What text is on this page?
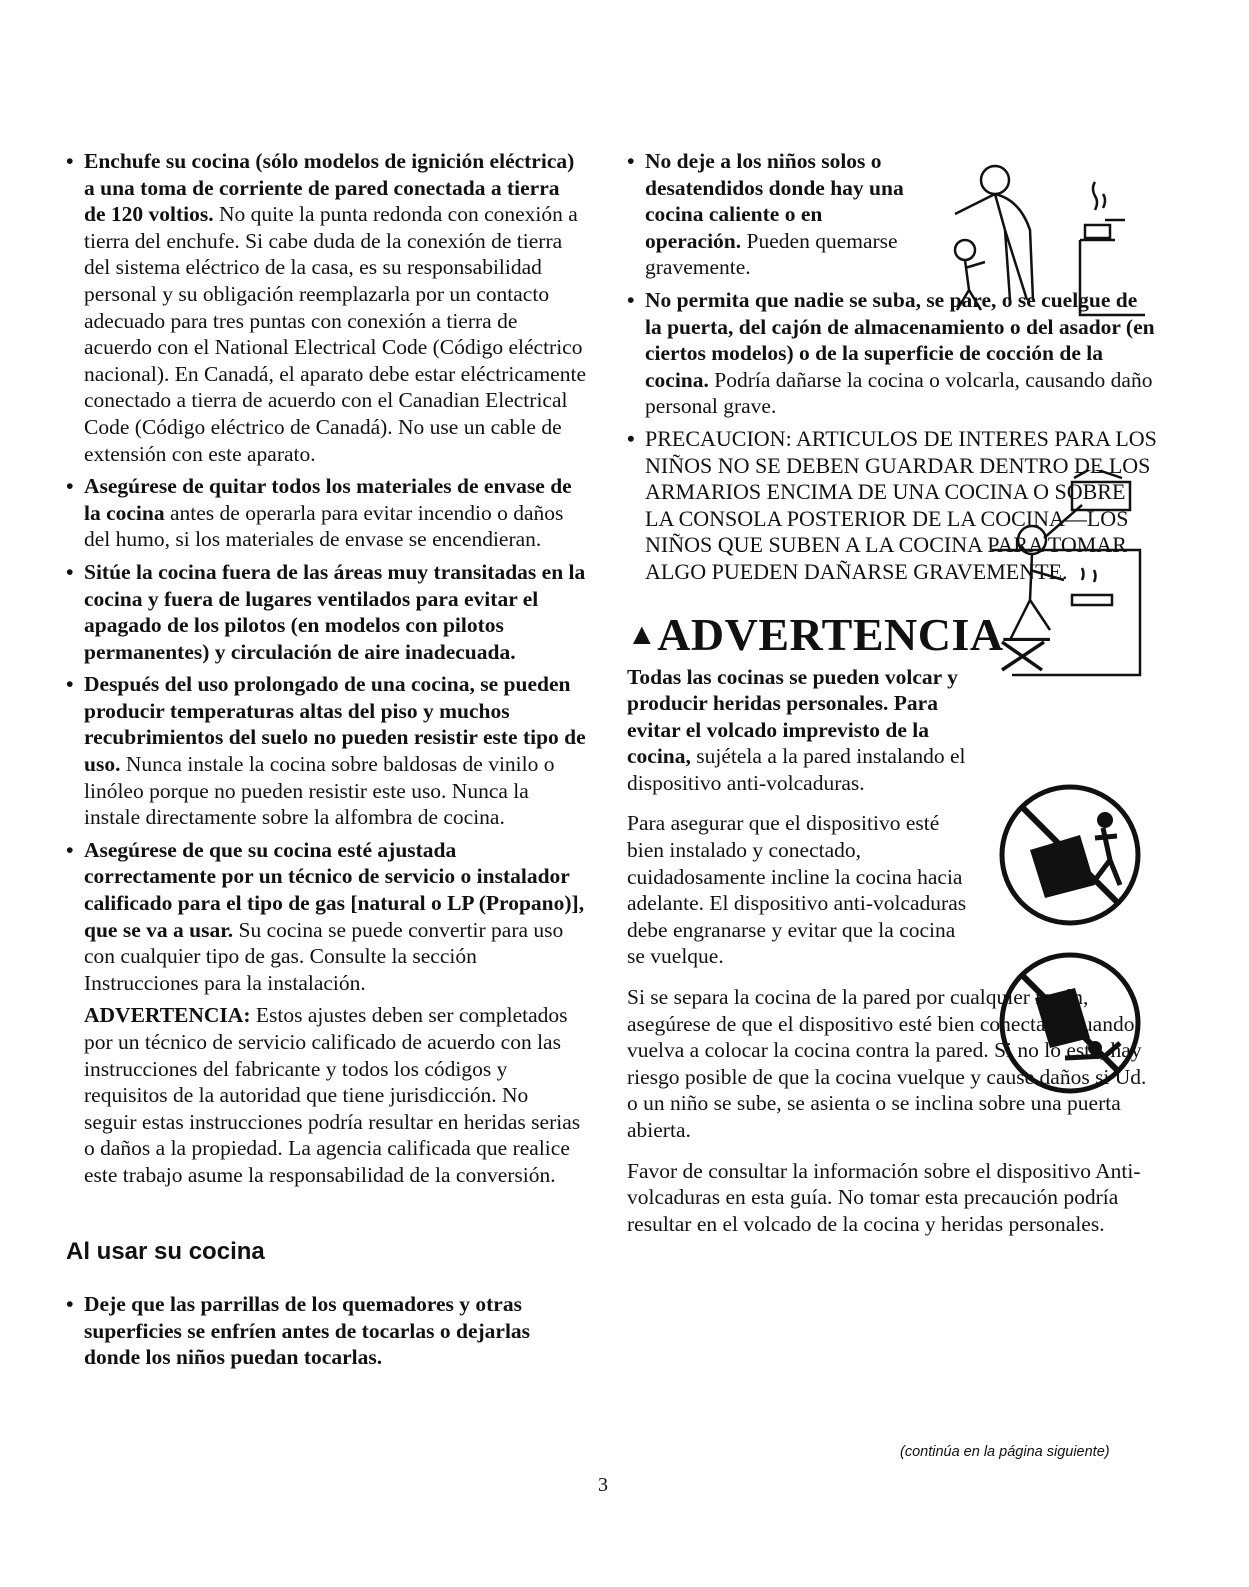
• Enchufe su cocina (sólo modelos de ignición eléctrica) a una toma de corriente de pared conectada a tierra de 120 voltios. No quite la punta redonda con conexión a tierra del enchufe. Si cabe duda de la conexión de tierra del sistema eléctrico de la casa, es su responsabilidad personal y su obligación reemplazarla por un contacto adecuado para tres puntas con conexión a tierra de acuerdo con el National Electrical Code (Código eléctrico nacional). En Canadá, el aparato debe estar eléctricamente conectado a tierra de acuerdo con el Canadian Electrical Code (Código eléctrico de Canadá). No use un cable de extensión con este aparato.
• Asegúrese de quitar todos los materiales de envase de la cocina antes de operarla para evitar incendio o daños del humo, si los materiales de envase se encendieran.
• Sitúe la cocina fuera de las áreas muy transitadas en la cocina y fuera de lugares ventilados para evitar el apagado de los pilotos (en modelos con pilotos permanentes) y circulación de aire inadecuada.
• Después del uso prolongado de una cocina, se pueden producir temperaturas altas del piso y muchos recubrimientos del suelo no pueden resistir este tipo de uso. Nunca instale la cocina sobre baldosas de vinilo o linóleo porque no pueden resistir este uso. Nunca la instale directamente sobre la alfombra de cocina.
• Asegúrese de que su cocina esté ajustada correctamente por un técnico de servicio o instalador calificado para el tipo de gas [natural o LP (Propano)], que se va a usar. Su cocina se puede convertir para uso con cualquier tipo de gas. Consulte la sección Instrucciones para la instalación.

ADVERTENCIA: Estos ajustes deben ser completados por un técnico de servicio calificado de acuerdo con las instrucciones del fabricante y todos los códigos y requisitos de la autoridad que tiene jurisdicción. No seguir estas instrucciones podría resultar en heridas serias o daños a la propiedad. La agencia calificada que realice este trabajo asume la responsabilidad de la conversión.

Al usar su cocina
• Deje que las parrillas de los quemadores y otras superficies se enfríen antes de tocarlas o dejarlas donde los niños puedan tocarlas.
• No deje a los niños solos o desatendidos donde hay una cocina caliente o en operación. Pueden quemarse gravemente.
• No permita que nadie se suba, se pare, o se cuelgue de la puerta, del cajón de almacenamiento o del asador (en ciertos modelos) o de la superficie de cocción de la cocina. Podría dañarse la cocina o volcarla, causando daño personal grave.
• PRECAUCION: ARTICULOS DE INTERES PARA LOS NIÑOS NO SE DEBEN GUARDAR DENTRO DE LOS ARMARIOS ENCIMA DE UNA COCINA O SOBRE LA CONSOLA POSTERIOR DE LA COCINA—LOS NIÑOS QUE SUBEN A LA COCINA PARA TOMAR ALGO PUEDEN DAÑARSE GRAVEMENTE.
▲ADVERTENCIA—

Todas las cocinas se pueden volcar y producir heridas personales. Para evitar el volcado imprevisto de la cocina, sujétela a la pared instalando el dispositivo anti-volcaduras.

Para asegurar que el dispositivo esté bien instalado y conectado, cuidadosamente incline la cocina hacia adelante. El dispositivo anti-volcaduras debe engranarse y evitar que la cocina se vuelque.

Si se separa la cocina de la pared por cualquier razón, asegúrese de que el dispositivo esté bien conectado cuando vuelva a colocar la cocina contra la pared. Si no lo está, hay riesgo posible de que la cocina vuelque y cause daños si Ud. o un niño se sube, se asienta o se inclina sobre una puerta abierta.

Favor de consultar la información sobre el dispositivo Anti-volcaduras en esta guía. No tomar esta precaución podría resultar en el volcado de la cocina y heridas personales.

(continúa en la página siguiente)
3
